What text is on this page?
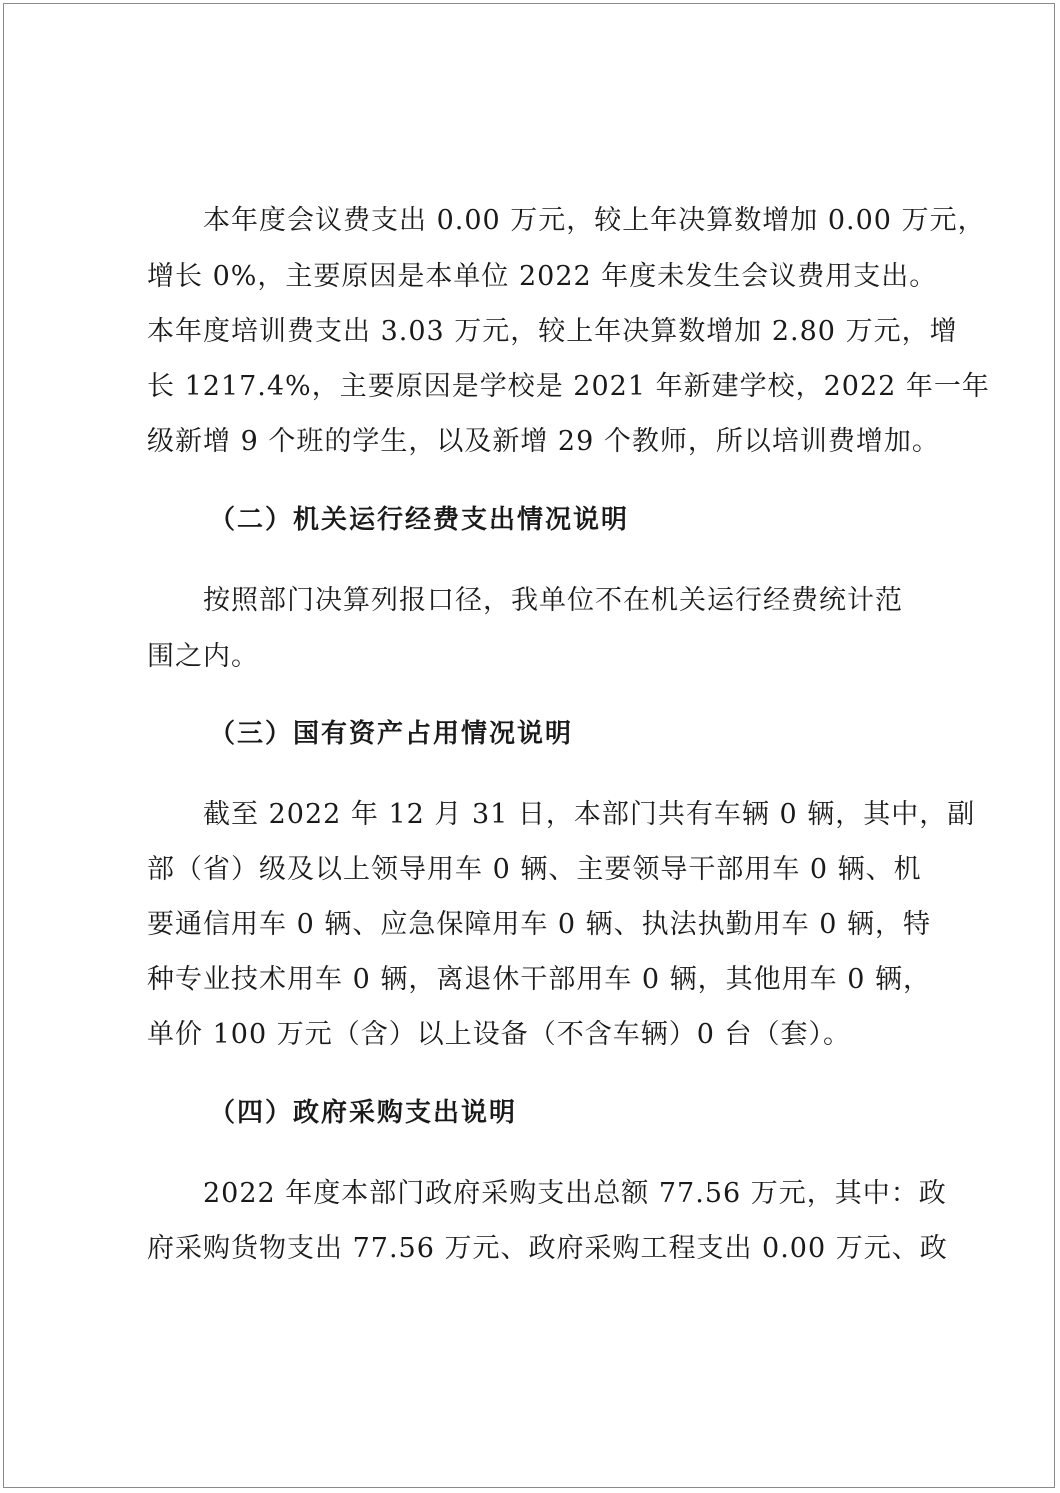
本年度会议费支出 0.00 万元，较上年决算数增加 0.00 万元，
增长 0%，主要原因是本单位 2022 年度未发生会议费用支出。
本年度培训费支出 3.03 万元，较上年决算数增加 2.80 万元，增
长 1217.4%，主要原因是学校是 2021 年新建学校，2022 年一年
级新增 9 个班的学生，以及新增 29 个教师，所以培训费增加。
（二）机关运行经费支出情况说明
按照部门决算列报口径，我单位不在机关运行经费统计范
围之内。
（三）国有资产占用情况说明
截至 2022 年 12 月 31 日，本部门共有车辆 0 辆，其中，副
部（省）级及以上领导用车 0 辆、主要领导干部用车 0 辆、机
要通信用车 0 辆、应急保障用车 0 辆、执法执勤用车 0 辆，特
种专业技术用车 0 辆，离退休干部用车 0 辆，其他用车 0 辆，
单价 100 万元（含）以上设备（不含车辆）0 台（套）。
（四）政府采购支出说明
2022 年度本部门政府采购支出总额 77.56 万元，其中：政
府采购货物支出 77.56 万元、政府采购工程支出 0.00 万元、政
